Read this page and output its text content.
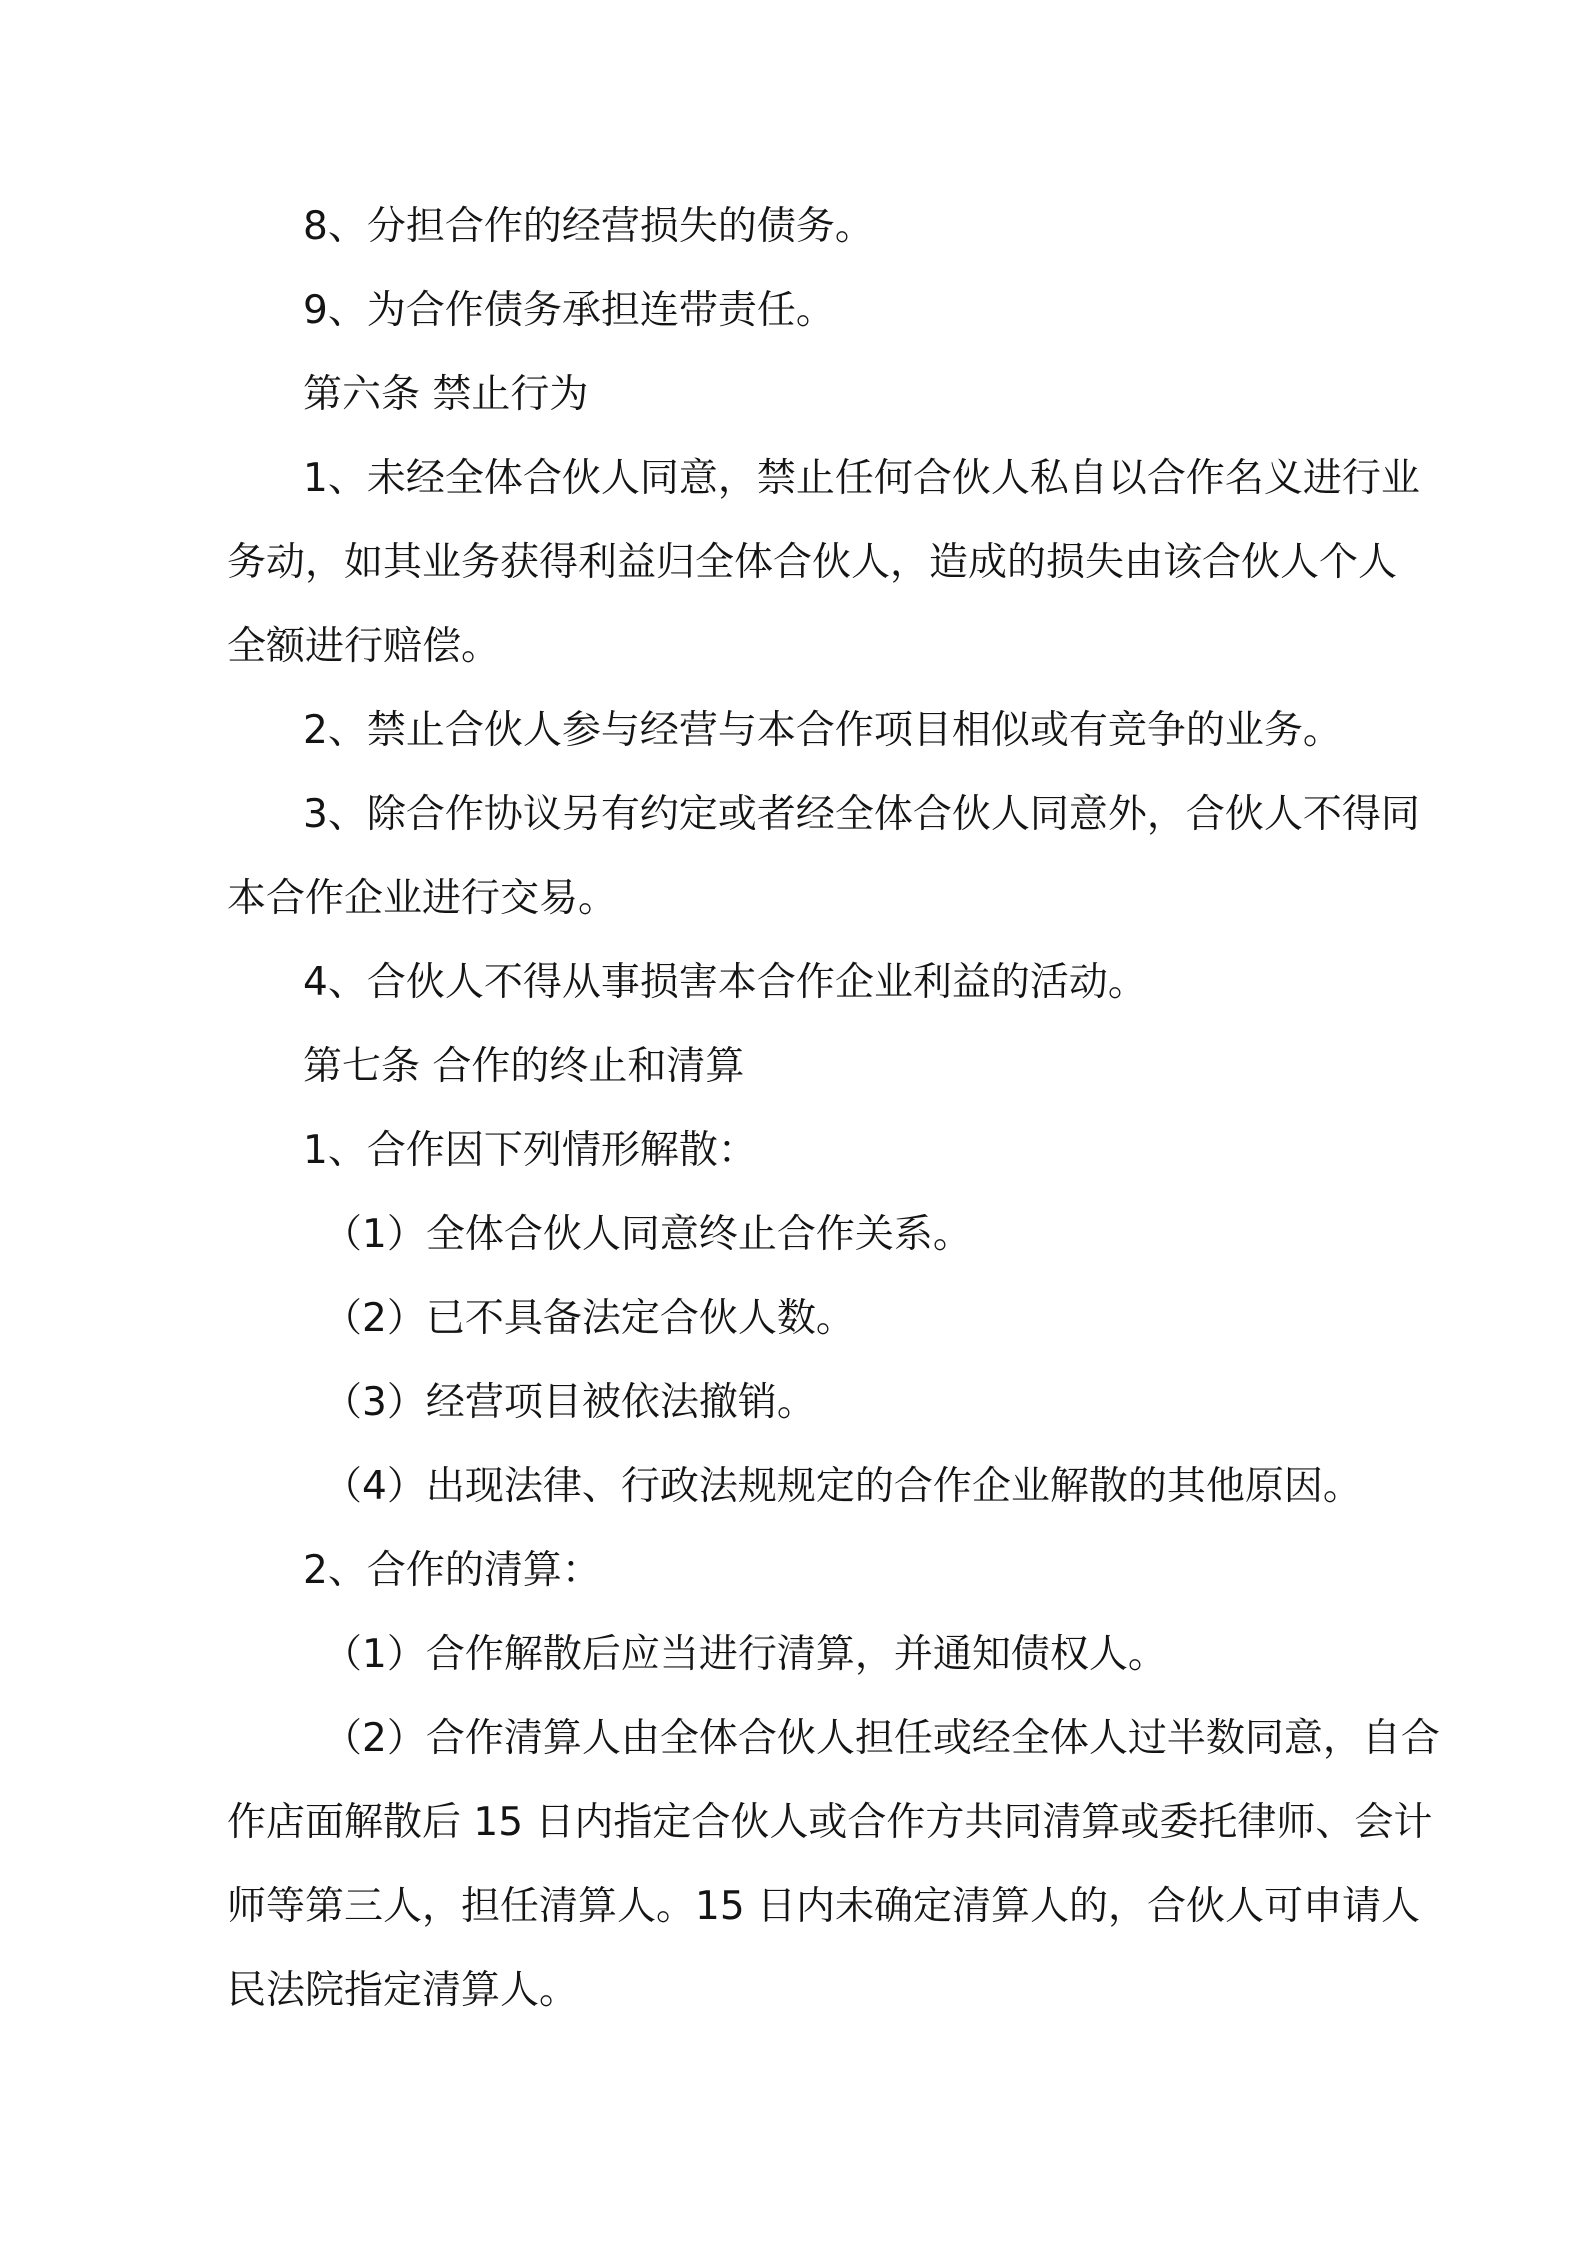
8、分担合作的经营损失的债务。

9、为合作债务承担连带责任。

第六条 禁止行为

1、未经全体合伙人同意，禁止任何合伙人私自以合作名义进行业

务动，如其业务获得利益归全体合伙人，造成的损失由该合伙人个人

全额进行赔偿。

2、禁止合伙人参与经营与本合作项目相似或有竞争的业务。

3、除合作协议另有约定或者经全体合伙人同意外，合伙人不得同

本合作企业进行交易。

4、合伙人不得从事损害本合作企业利益的活动。

第七条 合作的终止和清算

1、合作因下列情形解散：

（1）全体合伙人同意终止合作关系。

（2）已不具备法定合伙人数。

（3）经营项目被依法撤销。

（4）出现法律、行政法规规定的合作企业解散的其他原因。

2、合作的清算：

（1）合作解散后应当进行清算，并通知债权人。

（2）合作清算人由全体合伙人担任或经全体人过半数同意，自合

作店面解散后 15 日内指定合伙人或合作方共同清算或委托律师、会计

师等第三人，担任清算人。15 日内未确定清算人的，合伙人可申请人

民法院指定清算人。
